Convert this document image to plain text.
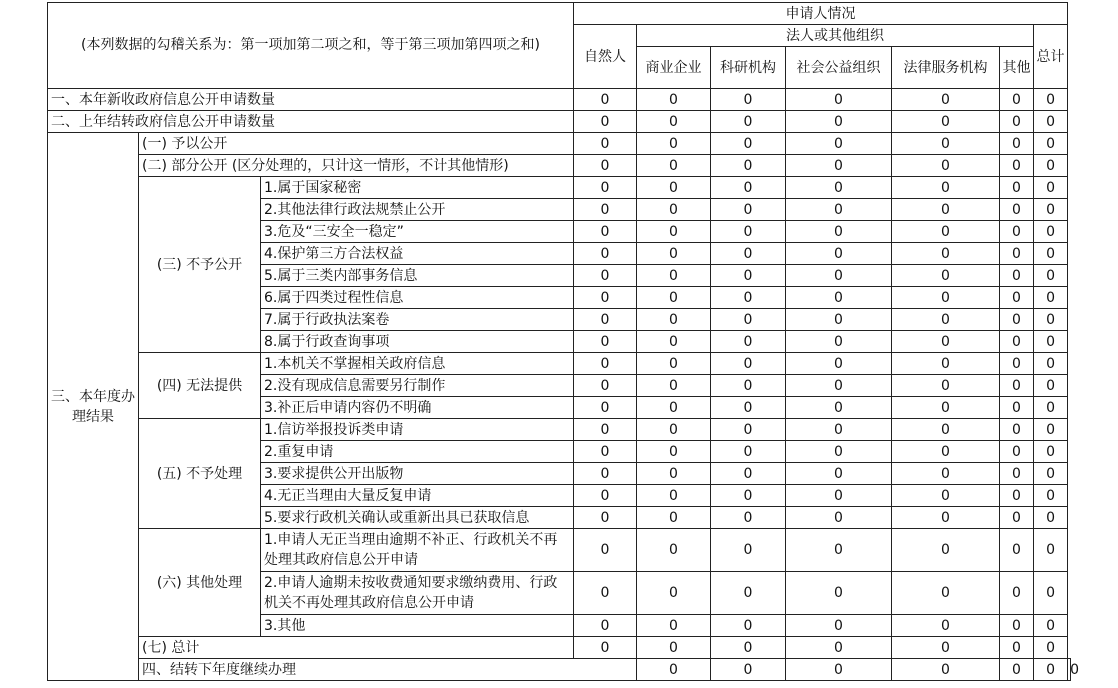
(本列数据的勾稽关系为：第一项加第二项之和，等于第三项加第四项之和)			申请人情况							
			自然人	法人或其他组织					总计	
				商业企业	科研机构	社会公益组织	法律服务机构	其他		

一、本年新收政府信息公开申请数量			0	0	0	0	0	0	0	
二、上年结转政府信息公开申请数量			0	0	0	0	0	0	0	
三、本年度办理结果	(一) 予以公开		0	0	0	0	0	0	0	
	(二) 部分公开 (区分处理的，只计这一情形，不计其他情形)		0	0	0	0	0	0	0	
	(三) 不予公开	1.属于国家秘密	0	0	0	0	0	0	0	
		2.其他法律行政法规禁止公开	0	0	0	0	0	0	0	
		3.危及“三安全一稳定”	0	0	0	0	0	0	0	
		4.保护第三方合法权益	0	0	0	0	0	0	0	
		5.属于三类内部事务信息	0	0	0	0	0	0	0	
		6.属于四类过程性信息	0	0	0	0	0	0	0	
		7.属于行政执法案卷	0	0	0	0	0	0	0	
		8.属于行政查询事项	0	0	0	0	0	0	0	
	(四) 无法提供	1.本机关不掌握相关政府信息	0	0	0	0	0	0	0	
		2.没有现成信息需要另行制作	0	0	0	0	0	0	0	
		3.补正后申请内容仍不明确	0	0	0	0	0	0	0	
	(五) 不予处理	1.信访举报投诉类申请	0	0	0	0	0	0	0	
		2.重复申请	0	0	0	0	0	0	0	
		3.要求提供公开出版物	0	0	0	0	0	0	0	
		4.无正当理由大量反复申请	0	0	0	0	0	0	0	
		5.要求行政机关确认或重新出具已获取信息	0	0	0	0	0	0	0	
	(六) 其他处理	1.申请人无正当理由逾期不补正、行政机关不再处理其政府信息公开申请	0	0	0	0	0	0	0	
		2.申请人逾期未按收费通知要求缴纳费用、行政机关不再处理其政府信息公开申请	0	0	0	0	0	0	0	
		3.其他	0	0	0	0	0	0	0	
	(七) 总计		0	0	0	0	0	0	0	
	四、结转下年度继续办理			0	0	0	0	0	0	0
